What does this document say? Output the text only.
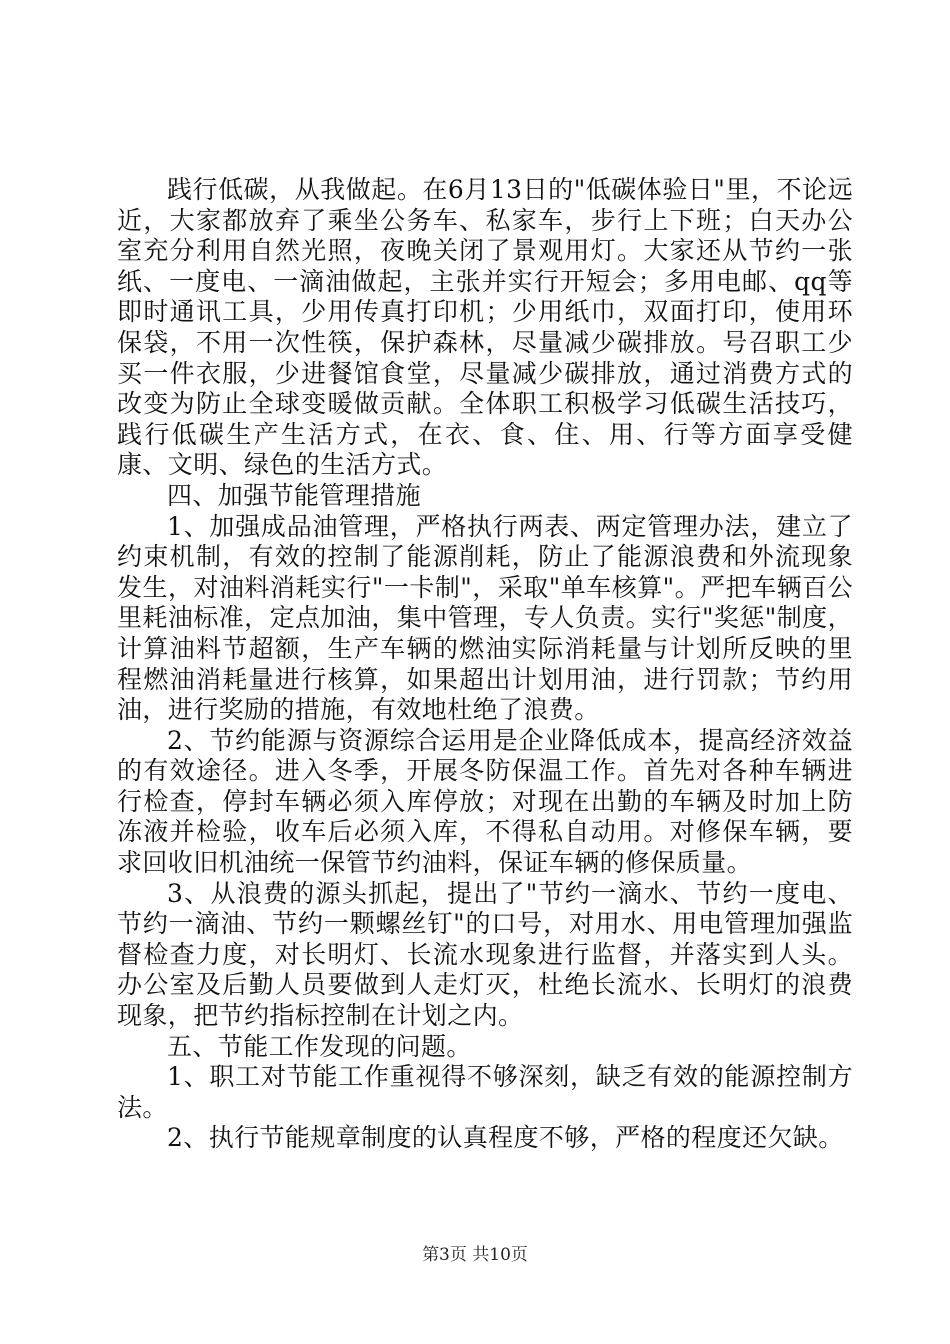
践行低碳，从我做起。在6月13日的"低碳体验日"里，不论远近，大家都放弃了乘坐公务车、私家车，步行上下班；白天办公室充分利用自然光照，夜晚关闭了景观用灯。大家还从节约一张纸、一度电、一滴油做起，主张并实行开短会；多用电邮、qq等即时通讯工具，少用传真打印机；少用纸巾，双面打印，使用环保袋，不用一次性筷，保护森林，尽量减少碳排放。号召职工少买一件衣服，少进餐馆食堂，尽量减少碳排放，通过消费方式的改变为防止全球变暖做贡献。全体职工积极学习低碳生活技巧，践行低碳生产生活方式，在衣、食、住、用、行等方面享受健康、文明、绿色的生活方式。

四、加强节能管理措施

1、加强成品油管理，严格执行两表、两定管理办法，建立了约束机制，有效的控制了能源削耗，防止了能源浪费和外流现象发生，对油料消耗实行"一卡制"，采取"单车核算"。严把车辆百公里耗油标准，定点加油，集中管理，专人负责。实行"奖惩"制度，计算油料节超额，生产车辆的燃油实际消耗量与计划所反映的里程燃油消耗量进行核算，如果超出计划用油，进行罚款；节约用油，进行奖励的措施，有效地杜绝了浪费。

2、节约能源与资源综合运用是企业降低成本，提高经济效益的有效途径。进入冬季，开展冬防保温工作。首先对各种车辆进行检查，停封车辆必须入库停放；对现在出勤的车辆及时加上防冻液并检验，收车后必须入库，不得私自动用。对修保车辆，要求回收旧机油统一保管节约油料，保证车辆的修保质量。

3、从浪费的源头抓起，提出了"节约一滴水、节约一度电、节约一滴油、节约一颗螺丝钉"的口号，对用水、用电管理加强监督检查力度，对长明灯、长流水现象进行监督，并落实到人头。办公室及后勤人员要做到人走灯灭，杜绝长流水、长明灯的浪费现象，把节约指标控制在计划之内。

五、节能工作发现的问题。

1、职工对节能工作重视得不够深刻，缺乏有效的能源控制方法。

2、执行节能规章制度的认真程度不够，严格的程度还欠缺。

第3页 共10页
